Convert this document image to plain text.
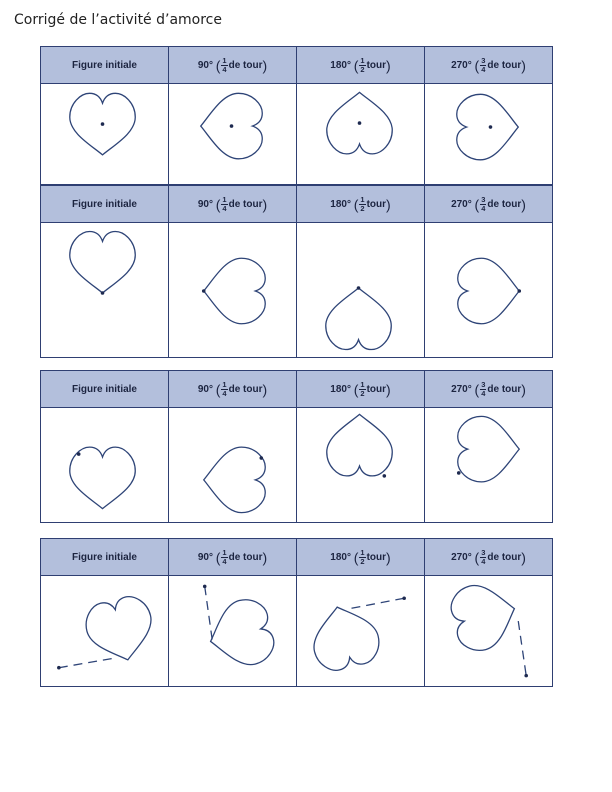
Corrigé de l’activité d’amorce
Figure initiale	90° ( $\frac{1}{4}$ de tour)	180° ( $\frac{1}{2}$ tour)	270° ( $\frac{3}{4}$ de tour)

Figure initiale	90° ( $\frac{1}{4}$ de tour)	180° ( $\frac{1}{2}$ tour)	270° ( $\frac{3}{4}$ de tour)

Figure initiale	90° ( $\frac{1}{4}$ de tour)	180° ( $\frac{1}{2}$ tour)	270° ( $\frac{3}{4}$ de tour)

Figure initiale	90° ( $\frac{1}{4}$ de tour)	180° ( $\frac{1}{2}$ tour)	270° ( $\frac{3}{4}$ de tour)
